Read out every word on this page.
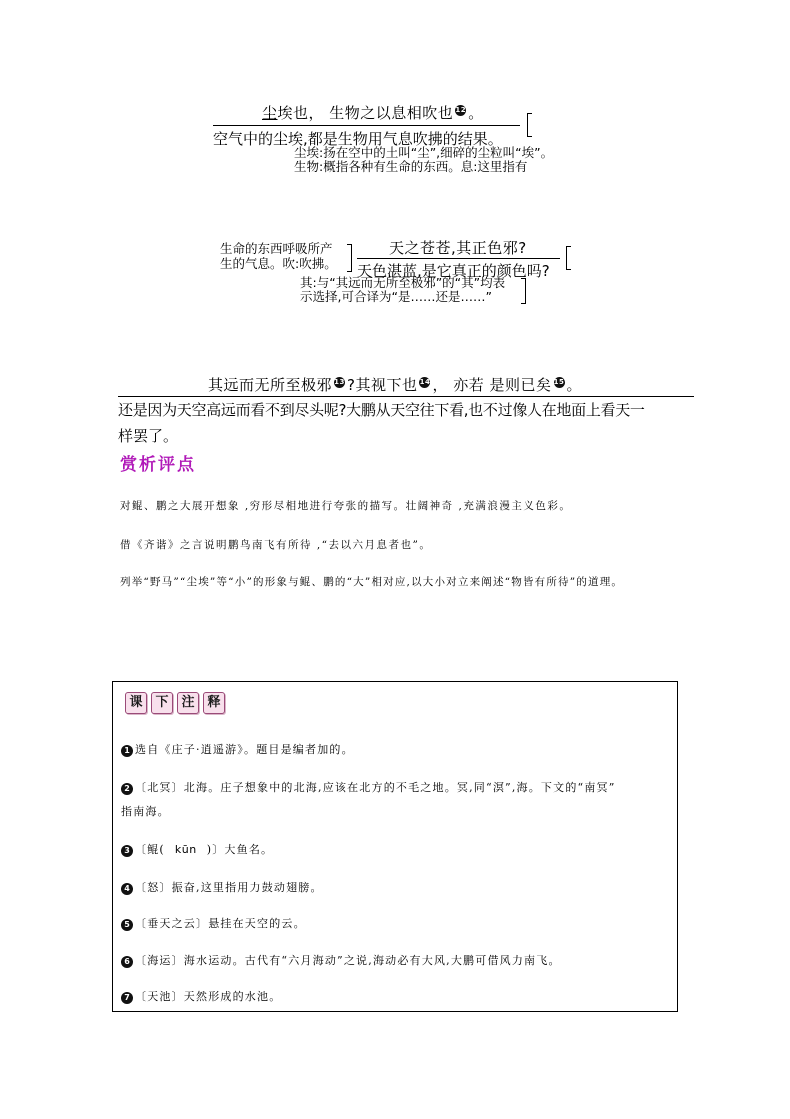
尘埃也， 生物之以息相吹也 12 。
空气中的尘埃,都是生物用气息吹拂的结果。
尘埃:扬在空中的土叫“尘”,细碎的尘粒叫“埃”。
生物:概指各种有生命的东西。息:这里指有
生命的东西呼吸所产
生的气息。吹:吹拂。
天之苍苍,其正色邪?
天色湛蓝,是它真正的颜色吗?
其:与“其远而无所至极邪”的“其”均表
示选择,可合译为“是……还是……”
其远而无所至极邪 13 ?其视下也 14 ， 亦若 是则已矣 15 。
还是因为天空高远而看不到尽头呢?大鹏从天空往下看,也不过像人在地面上看天一
样罢了。
赏析评点
对鲲、鹏之大展开想象 ,穷形尽相地进行夸张的描写。壮阔神奇 ,充满浪漫主义色彩。
借《齐谐》之言说明鹏鸟南飞有所待 ,“去以六月息者也”。
列举“野马”“尘埃”等“小”的形象与鲲、鹏的“大”相对应,以大小对立来阐述“物皆有所待”的道理。
课 下 注 释
1 选自《庄子·逍遥游》。题目是编者加的。
2 〔北冥〕北海。庄子想象中的北海,应该在北方的不毛之地。冥,同“溟”,海。下文的“南冥”
指南海。
3 〔鲲( kūn )〕大鱼名。
4 〔怒〕振奋,这里指用力鼓动翅膀。
5 〔垂天之云〕悬挂在天空的云。
6 〔海运〕海水运动。古代有“六月海动”之说,海动必有大风,大鹏可借风力南飞。
7 〔天池〕天然形成的水池。
